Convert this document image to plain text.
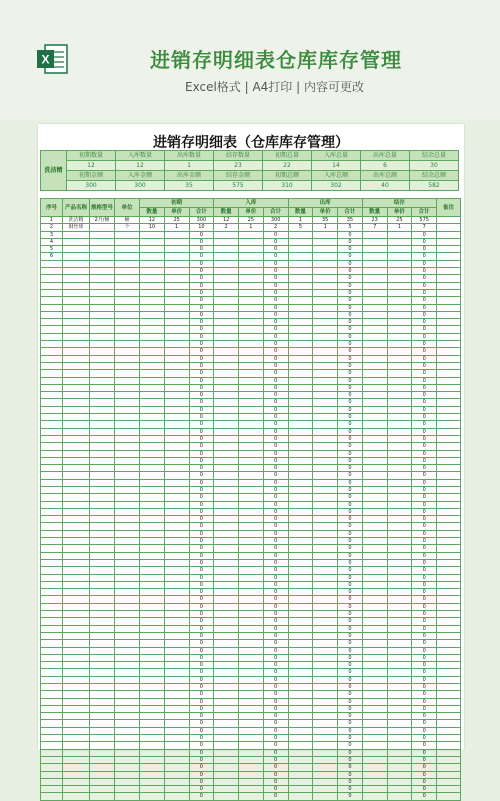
X	进销存明细表仓库库存管理
Excel格式 | A4打印 | 内容可更改
进销存明细表（仓库库存管理）
洗洁精	初期数量	入库数量	出库数量	结存数量	初期总量	入库总量	出库总量	结余总量
	12	12	1	23	22	14	6	30
	初期金额	入库金额	出库金额	结存金额	初期总额	入库总额	出库总额	结余总额
	300	300	35	575	310	302	40	582
序号	产品名称	规格型号	单位	初期			入库			出库			结存			备注
				数量	单价	合计	数量	单价	合计	数量	单价	合计	数量	单价	合计	
1	洗洁精	2升/桶	桶	12	25	300	12	25	300	1	35	35	23	25	575	
2	钢丝球		个	10	1	10	2	1	2	5	1	5	7	1	7	
3						0			0			0			0	
4						0			0			0			0	
5						0			0			0			0	
6						0			0			0			0	
						0			0			0			0	
						0			0			0			0	
						0			0			0			0	
						0			0			0			0	
						0			0			0			0	
						0			0			0			0	
						0			0			0			0	
						0			0			0			0	
						0			0			0			0	
						0			0			0			0	
						0			0			0			0	
						0			0			0			0	
						0			0			0			0	
						0			0			0			0	
						0			0			0			0	
						0			0			0			0	
						0			0			0			0	
						0			0			0			0	
						0			0			0			0	
						0			0			0			0	
						0			0			0			0	
						0			0			0			0	
						0			0			0			0	
						0			0			0			0	
						0			0			0			0	
						0			0			0			0	
						0			0			0			0	
						0			0			0			0	
						0			0			0			0	
						0			0			0			0	
						0			0			0			0	
						0			0			0			0	
						0			0			0			0	
						0			0			0			0	
						0			0			0			0	
						0			0			0			0	
						0			0			0			0	
						0			0			0			0	
						0			0			0			0	
						0			0			0			0	
						0			0			0			0	
						0			0			0			0	
						0			0			0			0	
						0			0			0			0	
						0			0			0			0	
						0			0			0			0	
						0			0			0			0	
						0			0			0			0	
						0			0			0			0	
						0			0			0			0	
						0			0			0			0	
						0			0			0			0	
						0			0			0			0	
						0			0			0			0	
						0			0			0			0	
						0			0			0			0	
						0			0			0			0	
						0			0			0			0	
						0			0			0			0	
						0			0			0			0	
						0			0			0			0	
						0			0			0			0	
						0			0			0			0	
						0			0			0			0	
						0			0			0			0	
						0			0			0			0	
						0			0			0			0	
						0			0			0			0	
						0			0			0			0	
						0			0			0			0	
						0			0			0			0	
						0			0			0			0	
						0			0			0			0	
						0			0			0			0	
